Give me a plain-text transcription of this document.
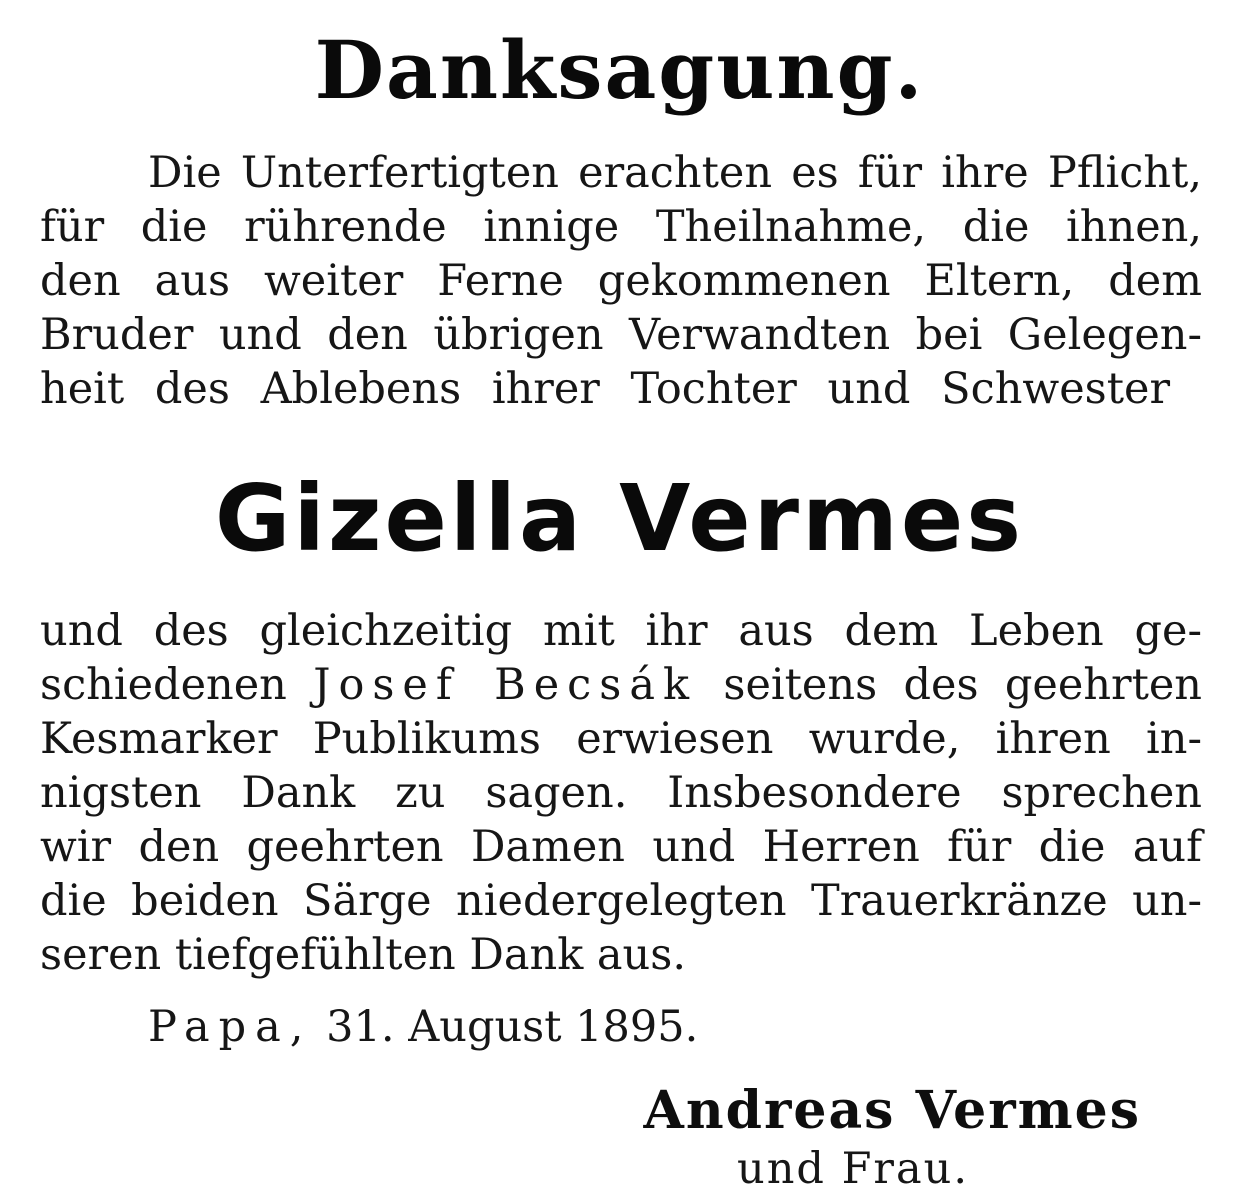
Danksagung.
Die Unterfertigten erachten es für ihre Pflicht,
für die rührende innige Theilnahme, die ihnen,
den aus weiter Ferne gekommenen Eltern, dem
Bruder und den übrigen Verwandten bei Gelegen-
heit des Ablebens ihrer Tochter und Schwester
Gizella Vermes
und des gleichzeitig mit ihr aus dem Leben ge-
schiedenen Josef Becsák seitens des geehrten
Kesmarker Publikums erwiesen wurde, ihren in-
nigsten Dank zu sagen. Insbesondere sprechen
wir den geehrten Damen und Herren für die auf
die beiden Särge niedergelegten Trauerkränze un-
seren tiefgefühlten Dank aus.
Papa, 31. August 1895.
Andreas Vermes
und Frau.
